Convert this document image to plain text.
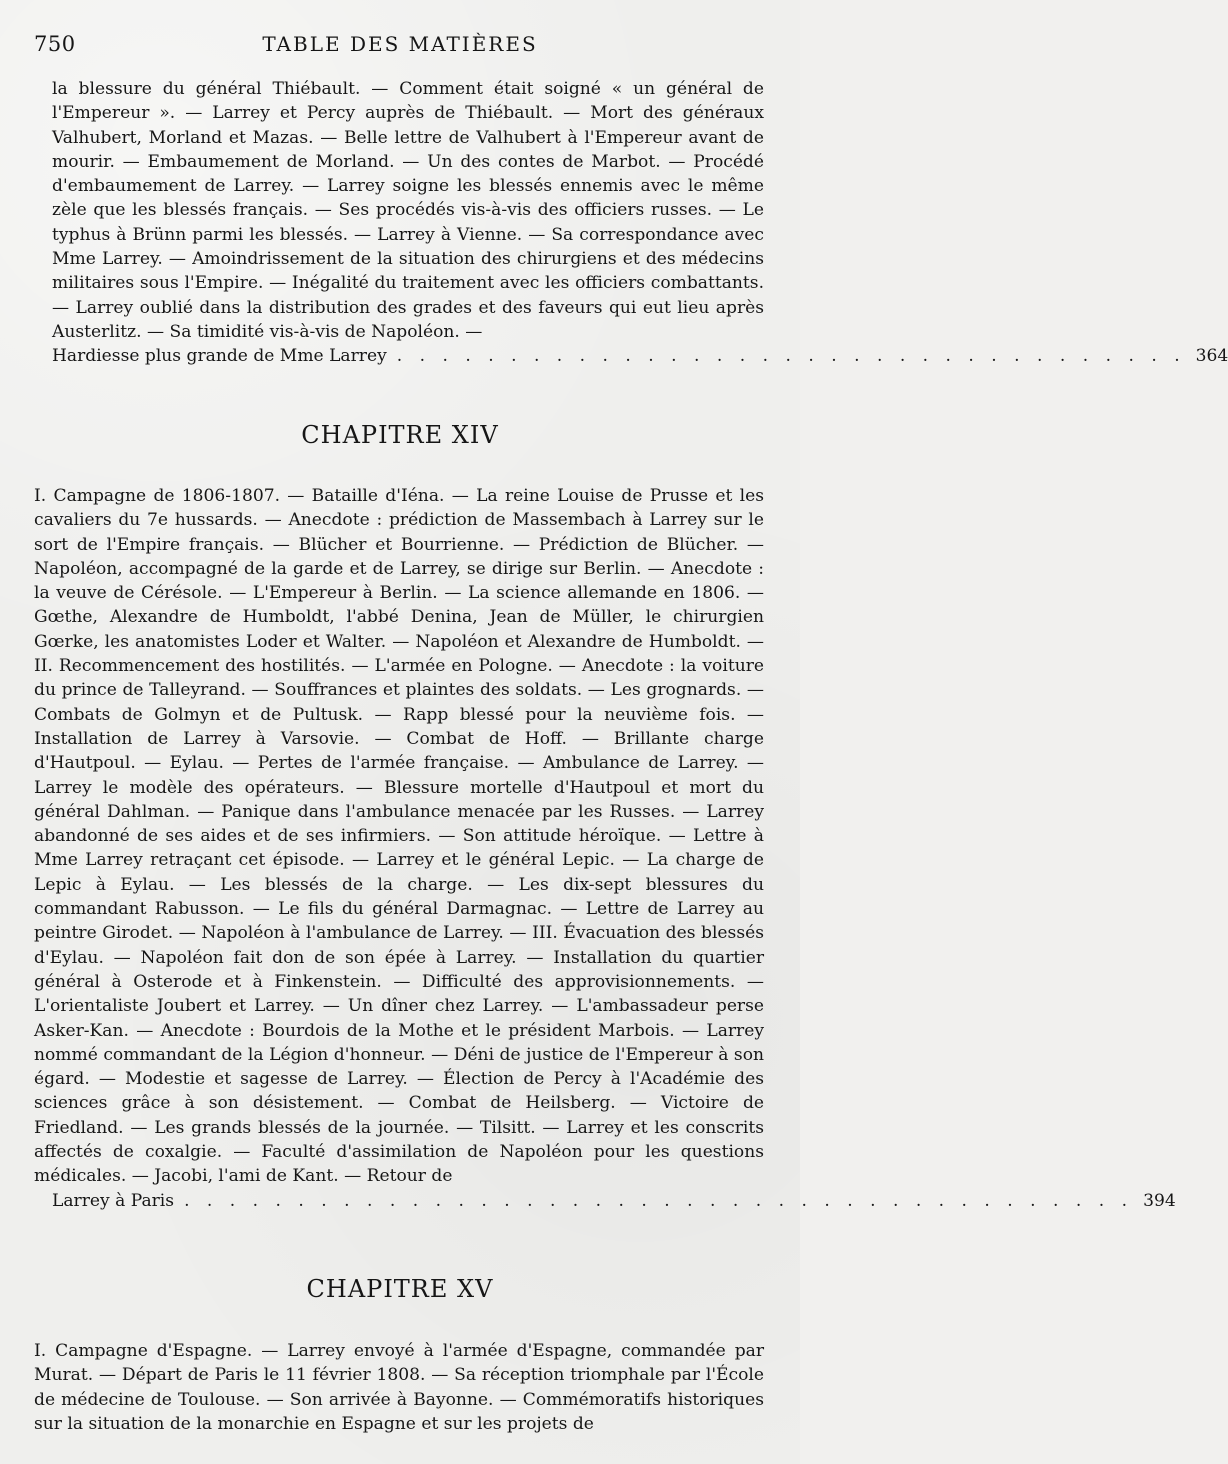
750	TABLE DES MATIÈRES
la blessure du général Thiébault. — Comment était soigné « un général de l'Empereur ». — Larrey et Percy auprès de Thiébault. — Mort des généraux Valhubert, Morland et Mazas. — Belle lettre de Valhubert à l'Empereur avant de mourir. — Embaumement de Morland. — Un des contes de Marbot. — Procédé d'embaumement de Larrey. — Larrey soigne les blessés ennemis avec le même zèle que les blessés français. — Ses procédés vis-à-vis des officiers russes. — Le typhus à Brünn parmi les blessés. — Larrey à Vienne. — Sa correspondance avec Mme Larrey. — Amoindrissement de la situation des chirurgiens et des médecins militaires sous l'Empire. — Inégalité du traitement avec les officiers combattants. — Larrey oublié dans la distribution des grades et des faveurs qui eut lieu après Austerlitz. — Sa timidité vis-à-vis de Napoléon. —
Hardiesse plus grande de Mme Larrey . . . . . . . . . . . . . . . . . . . . . . . . . . . . . . . . . . . 364
CHAPITRE XIV
I. Campagne de 1806-1807. — Bataille d'Iéna. — La reine Louise de Prusse et les cavaliers du 7e hussards. — Anecdote : prédiction de Massembach à Larrey sur le sort de l'Empire français. — Blücher et Bourrienne. — Prédiction de Blücher. — Napoléon, accompagné de la garde et de Larrey, se dirige sur Berlin. — Anecdote : la veuve de Cérésole. — L'Empereur à Berlin. — La science allemande en 1806. — Gœthe, Alexandre de Humboldt, l'abbé Denina, Jean de Müller, le chirurgien Gœrke, les anatomistes Loder et Walter. — Napoléon et Alexandre de Humboldt. — II. Recommencement des hostilités. — L'armée en Pologne. — Anecdote : la voiture du prince de Talleyrand. — Souffrances et plaintes des soldats. — Les grognards. — Combats de Golmyn et de Pultusk. — Rapp blessé pour la neuvième fois. — Installation de Larrey à Varsovie. — Combat de Hoff. — Brillante charge d'Hautpoul. — Eylau. — Pertes de l'armée française. — Ambulance de Larrey. — Larrey le modèle des opérateurs. — Blessure mortelle d'Hautpoul et mort du général Dahlman. — Panique dans l'ambulance menacée par les Russes. — Larrey abandonné de ses aides et de ses infirmiers. — Son attitude héroïque. — Lettre à Mme Larrey retraçant cet épisode. — Larrey et le général Lepic. — La charge de Lepic à Eylau. — Les blessés de la charge. — Les dix-sept blessures du commandant Rabusson. — Le fils du général Darmagnac. — Lettre de Larrey au peintre Girodet. — Napoléon à l'ambulance de Larrey. — III. Évacuation des blessés d'Eylau. — Napoléon fait don de son épée à Larrey. — Installation du quartier général à Osterode et à Finkenstein. — Difficulté des approvisionnements. — L'orientaliste Joubert et Larrey. — Un dîner chez Larrey. — L'ambassadeur perse Asker-Kan. — Anecdote : Bourdois de la Mothe et le président Marbois. — Larrey nommé commandant de la Légion d'honneur. — Déni de justice de l'Empereur à son égard. — Modestie et sagesse de Larrey. — Élection de Percy à l'Académie des sciences grâce à son désistement. — Combat de Heilsberg. — Victoire de Friedland. — Les grands blessés de la journée. — Tilsitt. — Larrey et les conscrits affectés de coxalgie. — Faculté d'assimilation de Napoléon pour les questions médicales. — Jacobi, l'ami de Kant. — Retour de
Larrey à Paris . . . . . . . . . . . . . . . . . . . . . . . . . . . . . . . . . . . . . . . . . . 394
CHAPITRE XV
I. Campagne d'Espagne. — Larrey envoyé à l'armée d'Espagne, commandée par Murat. — Départ de Paris le 11 février 1808. — Sa réception triomphale par l'École de médecine de Toulouse. — Son arrivée à Bayonne. — Commémoratifs historiques sur la situation de la monarchie en Espagne et sur les projets de
